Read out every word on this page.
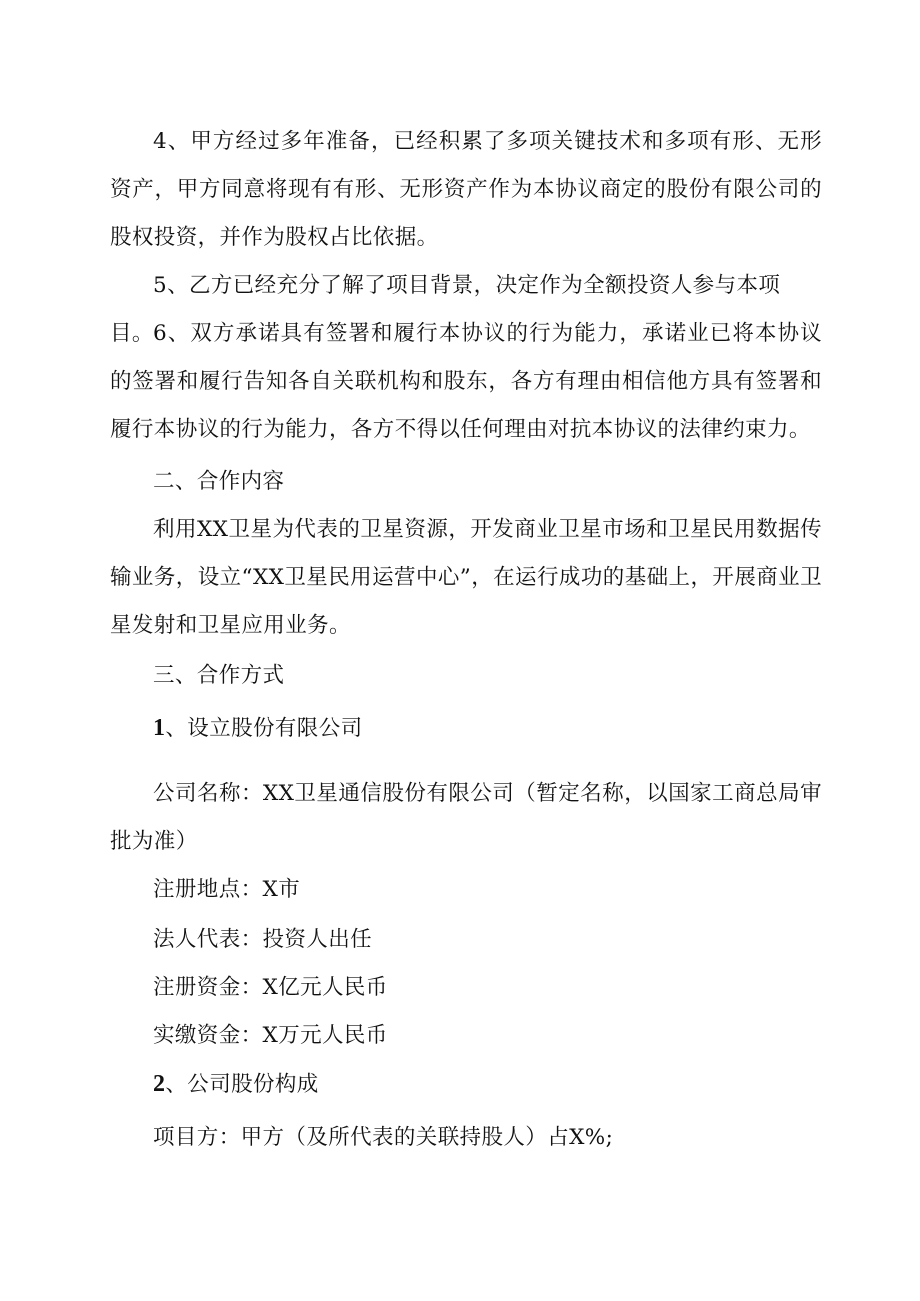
4、甲方经过多年准备，已经积累了多项关键技术和多项有形、无形资产，甲方同意将现有有形、无形资产作为本协议商定的股份有限公司的股权投资，并作为股权占比依据。

5、乙方已经充分了解了项目背景，决定作为全额投资人参与本项目。 6、双方承诺具有签署和履行本协议的行为能力，承诺业已将本协议的签署和履行告知各自关联机构和股东，各方有理由相信他方具有签署和履行本协议的行为能力，各方不得以任何理由对抗本协议的法律约束力。

二、合作内容

利用XX卫星为代表的卫星资源，开发商业卫星市场和卫星民用数据传输业务，设立“XX卫星民用运营中心”，在运行成功的基础上，开展商业卫星发射和卫星应用业务。

三、合作方式

1、设立股份有限公司

公司名称：XX卫星通信股份有限公司（暂定名称，以国家工商总局审批为准）

注册地点：X市

法人代表：投资人出任

注册资金：X亿元人民币

实缴资金：X万元人民币

2、公司股份构成

项目方：甲方（及所代表的关联持股人）占X%;
